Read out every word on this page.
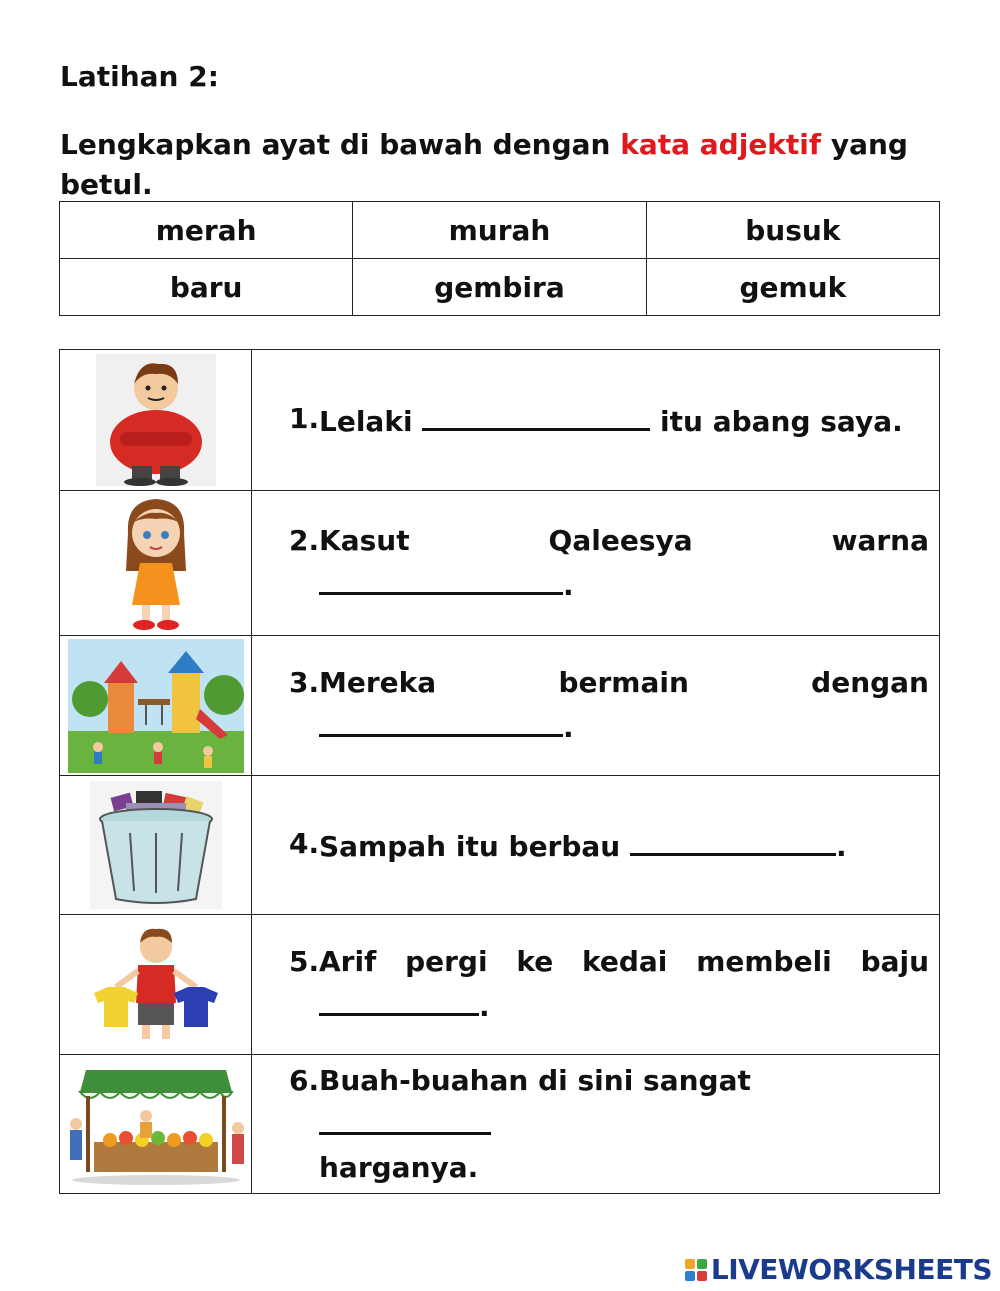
Latihan 2:
Lengkapkan ayat di bawah dengan kata adjektif yang betul.
merah	murah	busuk
baru	gembira	gemuk

1. Lelaki itu abang saya.

2. Kasut Qaleesya warna
.

3. Mereka bermain dengan
.

4. Sampah itu berbau .

5. Arif pergi ke kedai membeli baju
.

6. Buah-buahan di sini sangat
harganya.
LIVEWORKSHEETS
